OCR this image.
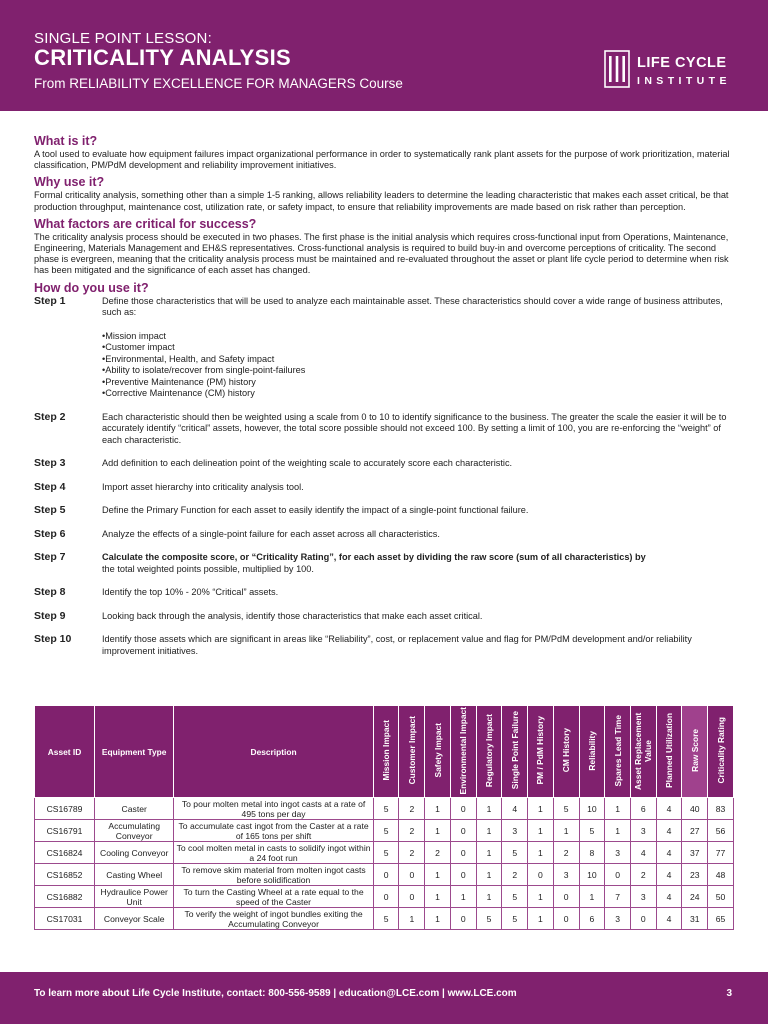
SINGLE POINT LESSON:
CRITICALITY ANALYSIS
From RELIABILITY EXCELLENCE FOR MANAGERS Course
LIFE CYCLE
INSTITUTE
What is it?

A tool used to evaluate how equipment failures impact organizational performance in order to systematically rank plant assets for the purpose of work prioritization, material classification, PM/PdM development and reliability improvement initiatives.

Why use it?

Formal criticality analysis, something other than a simple 1-5 ranking, allows reliability leaders to determine the leading characteristic that makes each asset critical, be that production throughput, maintenance cost, utilization rate, or safety impact, to ensure that reliability improvements are made based on risk rather than perception.

What factors are critical for success?

The criticality analysis process should be executed in two phases. The first phase is the initial analysis which requires cross-functional input from Operations, Maintenance, Engineering, Materials Management and EH&S representatives. Cross-functional analysis is required to build buy-in and overcome perceptions of criticality. The second phase is evergreen, meaning that the criticality analysis process must be maintained and re-evaluated throughout the asset or plant life cycle period to determine when risk has been mitigated and the significance of each asset has changed.

How do you use it?
Step 1	Define those characteristics that will be used to analyze each maintainable asset. These characteristics should cover a wide range of business attributes, such as:
• Mission impact
• Customer impact
• Environmental, Health, and Safety impact
• Ability to isolate/recover from single-point-failures
• Preventive Maintenance (PM) history
• Corrective Maintenance (CM) history
Step 2	Each characteristic should then be weighted using a scale from 0 to 10 to identify significance to the business. The greater the scale the easier it will be to accurately identify “critical” assets, however, the total score possible should not exceed 100. By setting a limit of 100, you are re-enforcing the “weight” of each characteristic.
Step 3	Add definition to each delineation point of the weighting scale to accurately score each characteristic.
Step 4	Import asset hierarchy into criticality analysis tool.
Step 5	Define the Primary Function for each asset to easily identify the impact of a single-point functional failure.
Step 6	Analyze the effects of a single-point failure for each asset across all characteristics.
Step 7	Calculate the composite score, or “Criticality Rating”, for each asset by dividing the raw score (sum of all characteristics) by
the total weighted points possible, multiplied by 100.
Step 8	Identify the top 10% - 20% “Critical” assets.
Step 9	Looking back through the analysis, identify those characteristics that make each asset critical.
Step 10	Identify those assets which are significant in areas like “Reliability”, cost, or replacement value and flag for PM/PdM development and/or reliability improvement initiatives.
Asset ID	Equipment Type	Description	Mission Impact	Customer Impact	Safety Impact	Environmental Impact	Regulatory Impact	Single Point Failure	PM / PdM History	CM History	Reliability	Spares Lead Time	Asset Replacement Value	Planned Utilization	Raw Score	Criticality Rating
CS16789	Caster	To pour molten metal into ingot casts at a rate of 495 tons per day	5	2	1	0	1	4	1	5	10	1	6	4	40	83
CS16791	Accumulating Conveyor	To accumulate cast ingot from the Caster at a rate of 165 tons per shift	5	2	1	0	1	3	1	1	5	1	3	4	27	56
CS16824	Cooling Conveyor	To cool molten metal in casts to solidify ingot within a 24 foot run	5	2	2	0	1	5	1	2	8	3	4	4	37	77
CS16852	Casting Wheel	To remove skim material from molten ingot casts before solidification	0	0	1	0	1	2	0	3	10	0	2	4	23	48
CS16882	Hydraulice Power Unit	To turn the Casting Wheel at a rate equal to the speed of the Caster	0	0	1	1	1	5	1	0	1	7	3	4	24	50
CS17031	Conveyor Scale	To verify the weight of ingot bundles exiting the Accumulating Conveyor	5	1	1	0	5	5	1	0	6	3	0	4	31	65
To learn more about Life Cycle Institute, contact: 800-556-9589 | education@LCE.com | www.LCE.com	3
